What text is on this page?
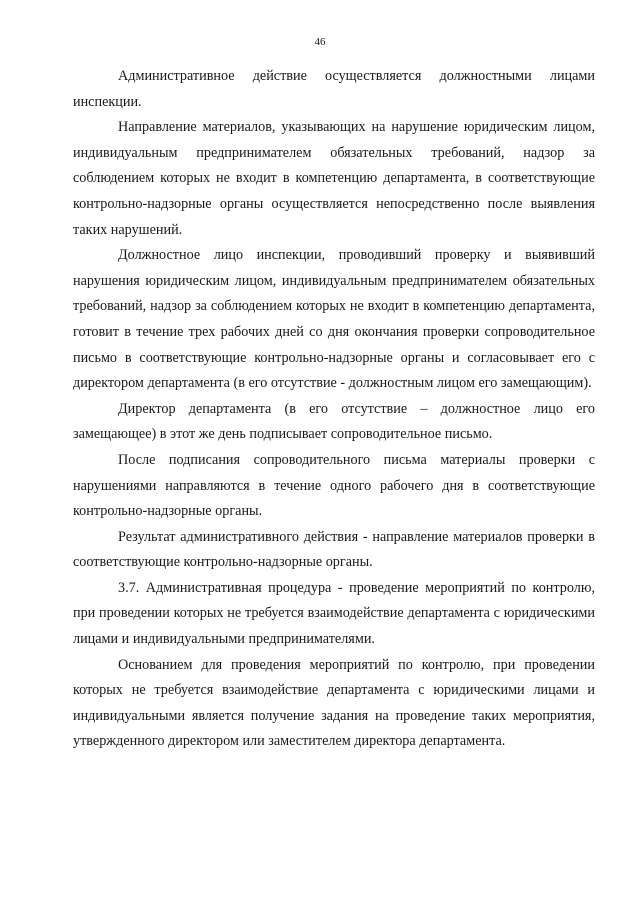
46

Административное действие осуществляется должностными лицами инспекции.

Направление материалов, указывающих на нарушение юридическим лицом, индивидуальным предпринимателем обязательных требований, надзор за соблюдением которых не входит в компетенцию департамента, в соответствующие контрольно-надзорные органы осуществляется непосредственно после выявления таких нарушений.

Должностное лицо инспекции, проводивший проверку и выявивший нарушения юридическим лицом, индивидуальным предпринимателем обязательных требований, надзор за соблюдением которых не входит в компетенцию департамента, готовит в течение трех рабочих дней со дня окончания проверки сопроводительное письмо в соответствующие контрольно-надзорные органы и согласовывает его с директором департамента (в его отсутствие - должностным лицом его замещающим).

Директор департамента (в его отсутствие – должностное лицо его замещающее) в этот же день подписывает сопроводительное письмо.

После подписания сопроводительного письма материалы проверки с нарушениями направляются в течение одного рабочего дня в соответствующие контрольно-надзорные органы.

Результат административного действия - направление материалов проверки в соответствующие контрольно-надзорные органы.

3.7. Административная процедура - проведение мероприятий по контролю, при проведении которых не требуется взаимодействие департамента с юридическими лицами и индивидуальными предпринимателями.

Основанием для проведения мероприятий по контролю, при проведении которых не требуется взаимодействие департамента с юридическими лицами и индивидуальными является получение задания на проведение таких мероприятия, утвержденного директором или заместителем директора департамента.
